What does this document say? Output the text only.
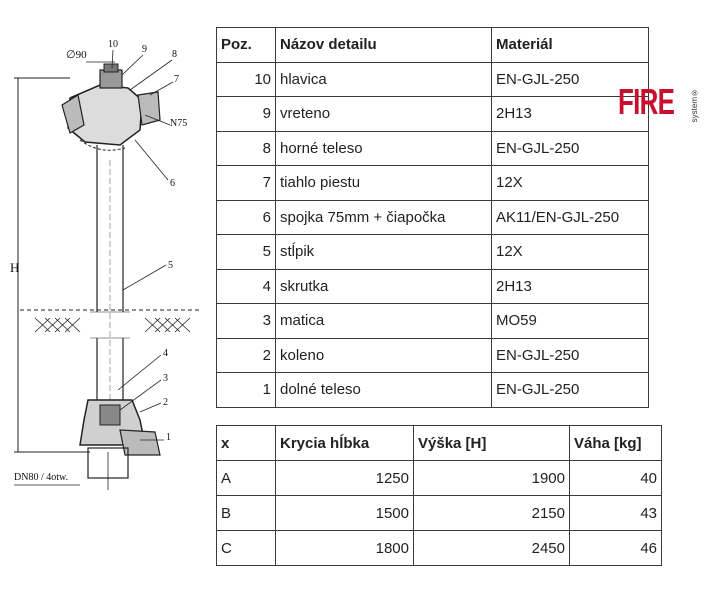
H
∅90
DN80 / 4otw.
N75
10 9	8
7
6
5
4
3
2
1
Poz.	Názov detailu	Materiál
10	hlavica	EN-GJL-250
9	vreteno	2H13
8	horné teleso	EN-GJL-250
7	tiahlo piestu	12X
6	spojka 75mm + čiapočka	AK11/EN-GJL-250
5	stĺpik	12X
4	skrutka	2H13
3	matica	MO59
2	koleno	EN-GJL-250
1	dolné teleso	EN-GJL-250
FIRE system®
x	Krycia hĺbka	Výška [H]	Váha [kg]
A	1250	1900	40
B	1500	2150	43
C	1800	2450	46
